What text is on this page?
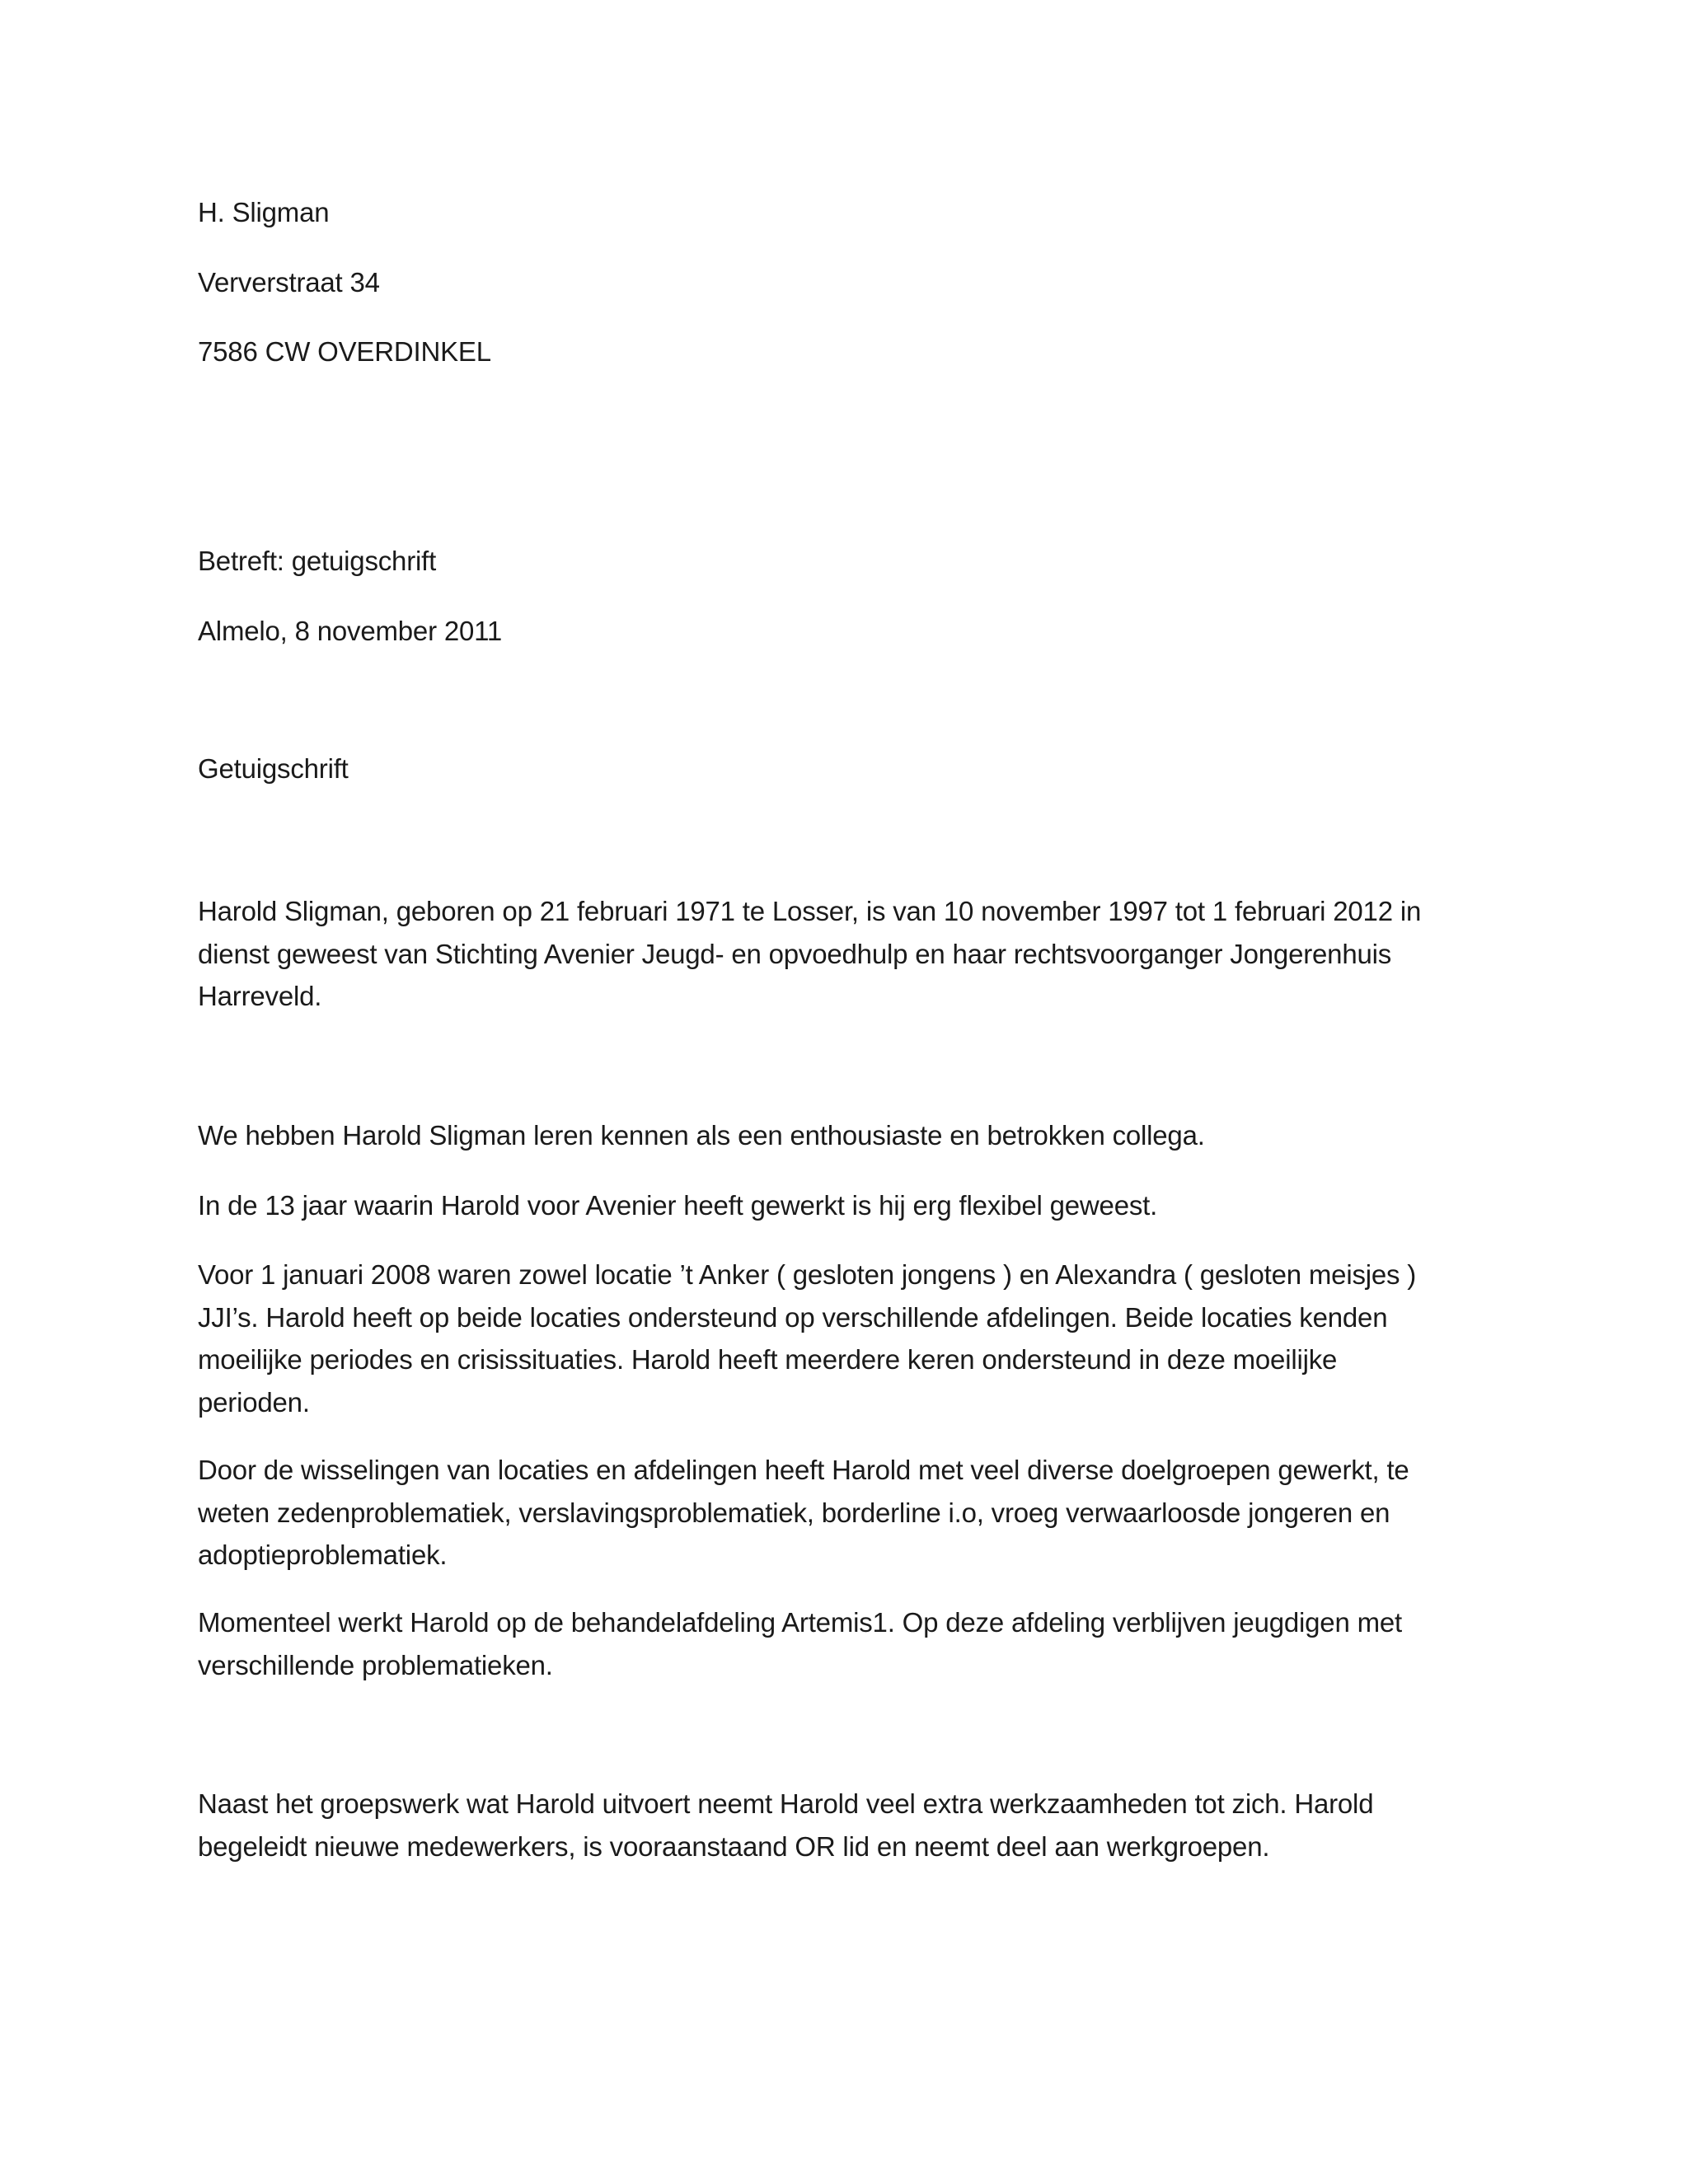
H. Sligman
Ververstraat 34
7586 CW OVERDINKEL
Betreft: getuigschrift
Almelo, 8 november 2011
Getuigschrift

Harold Sligman, geboren op 21 februari 1971 te Losser, is van 10 november 1997 tot 1 februari 2012 in

dienst geweest van Stichting Avenier Jeugd- en opvoedhulp en haar rechtsvoorganger Jongerenhuis

Harreveld.

We hebben Harold Sligman leren kennen als een enthousiaste en betrokken collega.

In de 13 jaar waarin Harold voor Avenier heeft gewerkt is hij erg flexibel geweest.

Voor 1 januari 2008 waren zowel locatie ’t Anker ( gesloten jongens ) en Alexandra ( gesloten meisjes )

JJI’s. Harold heeft op beide locaties ondersteund op verschillende afdelingen. Beide locaties kenden

moeilijke periodes en crisissituaties. Harold heeft meerdere keren ondersteund in deze moeilijke

perioden.

Door de wisselingen van locaties en afdelingen heeft Harold met veel diverse doelgroepen gewerkt, te

weten zedenproblematiek, verslavingsproblematiek, borderline i.o, vroeg verwaarloosde jongeren en

adoptieproblematiek.

Momenteel werkt Harold op de behandelafdeling Artemis1. Op deze afdeling verblijven jeugdigen met

verschillende problematieken.

Naast het groepswerk wat Harold uitvoert neemt Harold veel extra werkzaamheden tot zich. Harold

begeleidt nieuwe medewerkers, is vooraanstaand OR lid en neemt deel aan werkgroepen.
